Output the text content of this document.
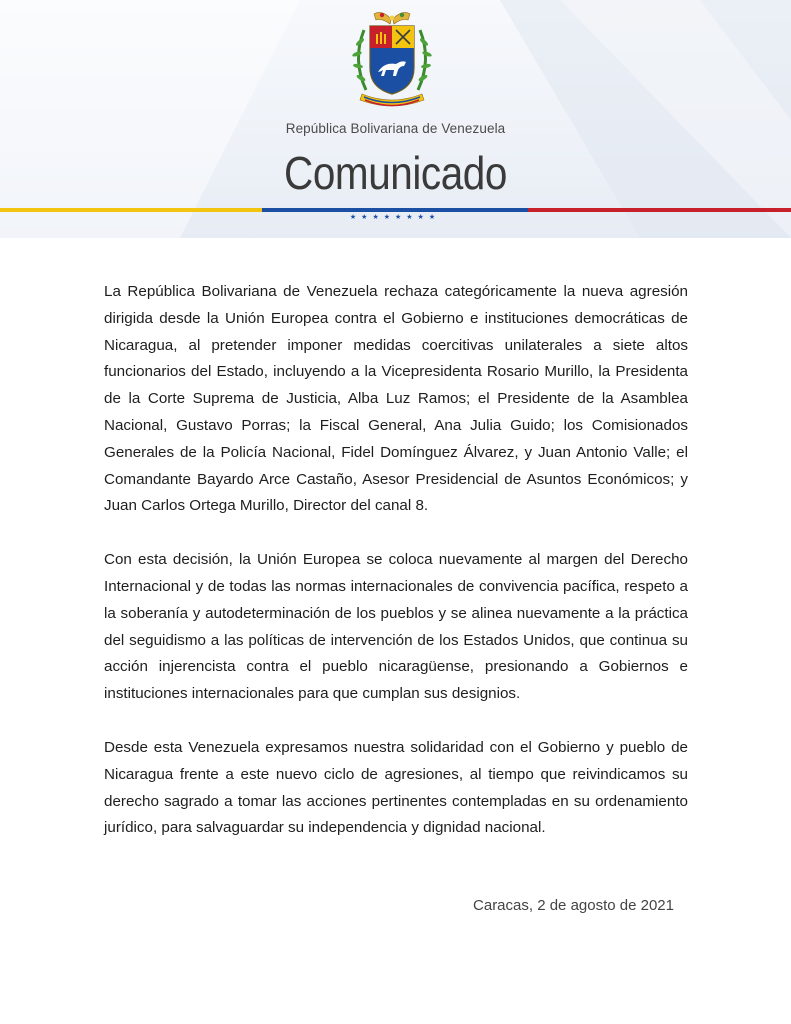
República Bolivariana de Venezuela
Comunicado
★★★★★★★★

La República Bolivariana de Venezuela rechaza categóricamente la nueva agresión dirigida desde la Unión Europea contra el Gobierno e instituciones democráticas de Nicaragua, al pretender imponer medidas coercitivas unilaterales a siete altos funcionarios del Estado, incluyendo a la Vicepresidenta Rosario Murillo, la Presidenta de la Corte Suprema de Justicia, Alba Luz Ramos; el Presidente de la Asamblea Nacional, Gustavo Porras; la Fiscal General, Ana Julia Guido; los Comisionados Generales de la Policía Nacional, Fidel Domínguez Álvarez, y Juan Antonio Valle; el Comandante Bayardo Arce Castaño, Asesor Presidencial de Asuntos Económicos; y Juan Carlos Ortega Murillo, Director del canal 8.

Con esta decisión, la Unión Europea se coloca nuevamente al margen del Derecho Internacional y de todas las normas internacionales de convivencia pacífica, respeto a la soberanía y autodeterminación de los pueblos y se alinea nuevamente a la práctica del seguidismo a las políticas de intervención de los Estados Unidos, que continua su acción injerencista contra el pueblo nicaragüense, presionando a Gobiernos e instituciones internacionales para que cumplan sus designios.

Desde esta Venezuela expresamos nuestra solidaridad con el Gobierno y pueblo de Nicaragua frente a este nuevo ciclo de agresiones, al tiempo que reivindicamos su derecho sagrado a tomar las acciones pertinentes contempladas en su ordenamiento jurídico, para salvaguardar su independencia y dignidad nacional.

Caracas, 2 de agosto de 2021
